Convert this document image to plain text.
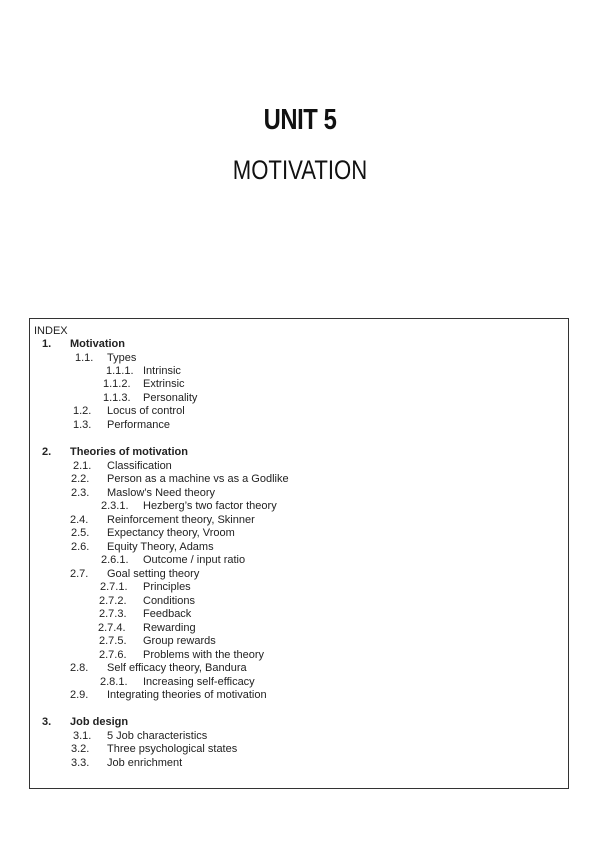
UNIT 5
MOTIVATION
INDEX
1. Motivation
1.1. Types
1.1.1. Intrinsic
1.1.2. Extrinsic
1.1.3. Personality
1.2. Locus of control
1.3. Performance
2. Theories of motivation
2.1. Classification
2.2. Person as a machine vs as a Godlike
2.3. Maslow’s Need theory
2.3.1. Hezberg’s two factor theory
2.4. Reinforcement theory, Skinner
2.5. Expectancy theory, Vroom
2.6. Equity Theory, Adams
2.6.1. Outcome / input ratio
2.7. Goal setting theory
2.7.1. Principles
2.7.2. Conditions
2.7.3. Feedback
2.7.4. Rewarding
2.7.5. Group rewards
2.7.6. Problems with the theory
2.8. Self efficacy theory, Bandura
2.8.1. Increasing self-efficacy
2.9. Integrating theories of motivation
3. Job design
3.1. 5 Job characteristics
3.2. Three psychological states
3.3. Job enrichment
